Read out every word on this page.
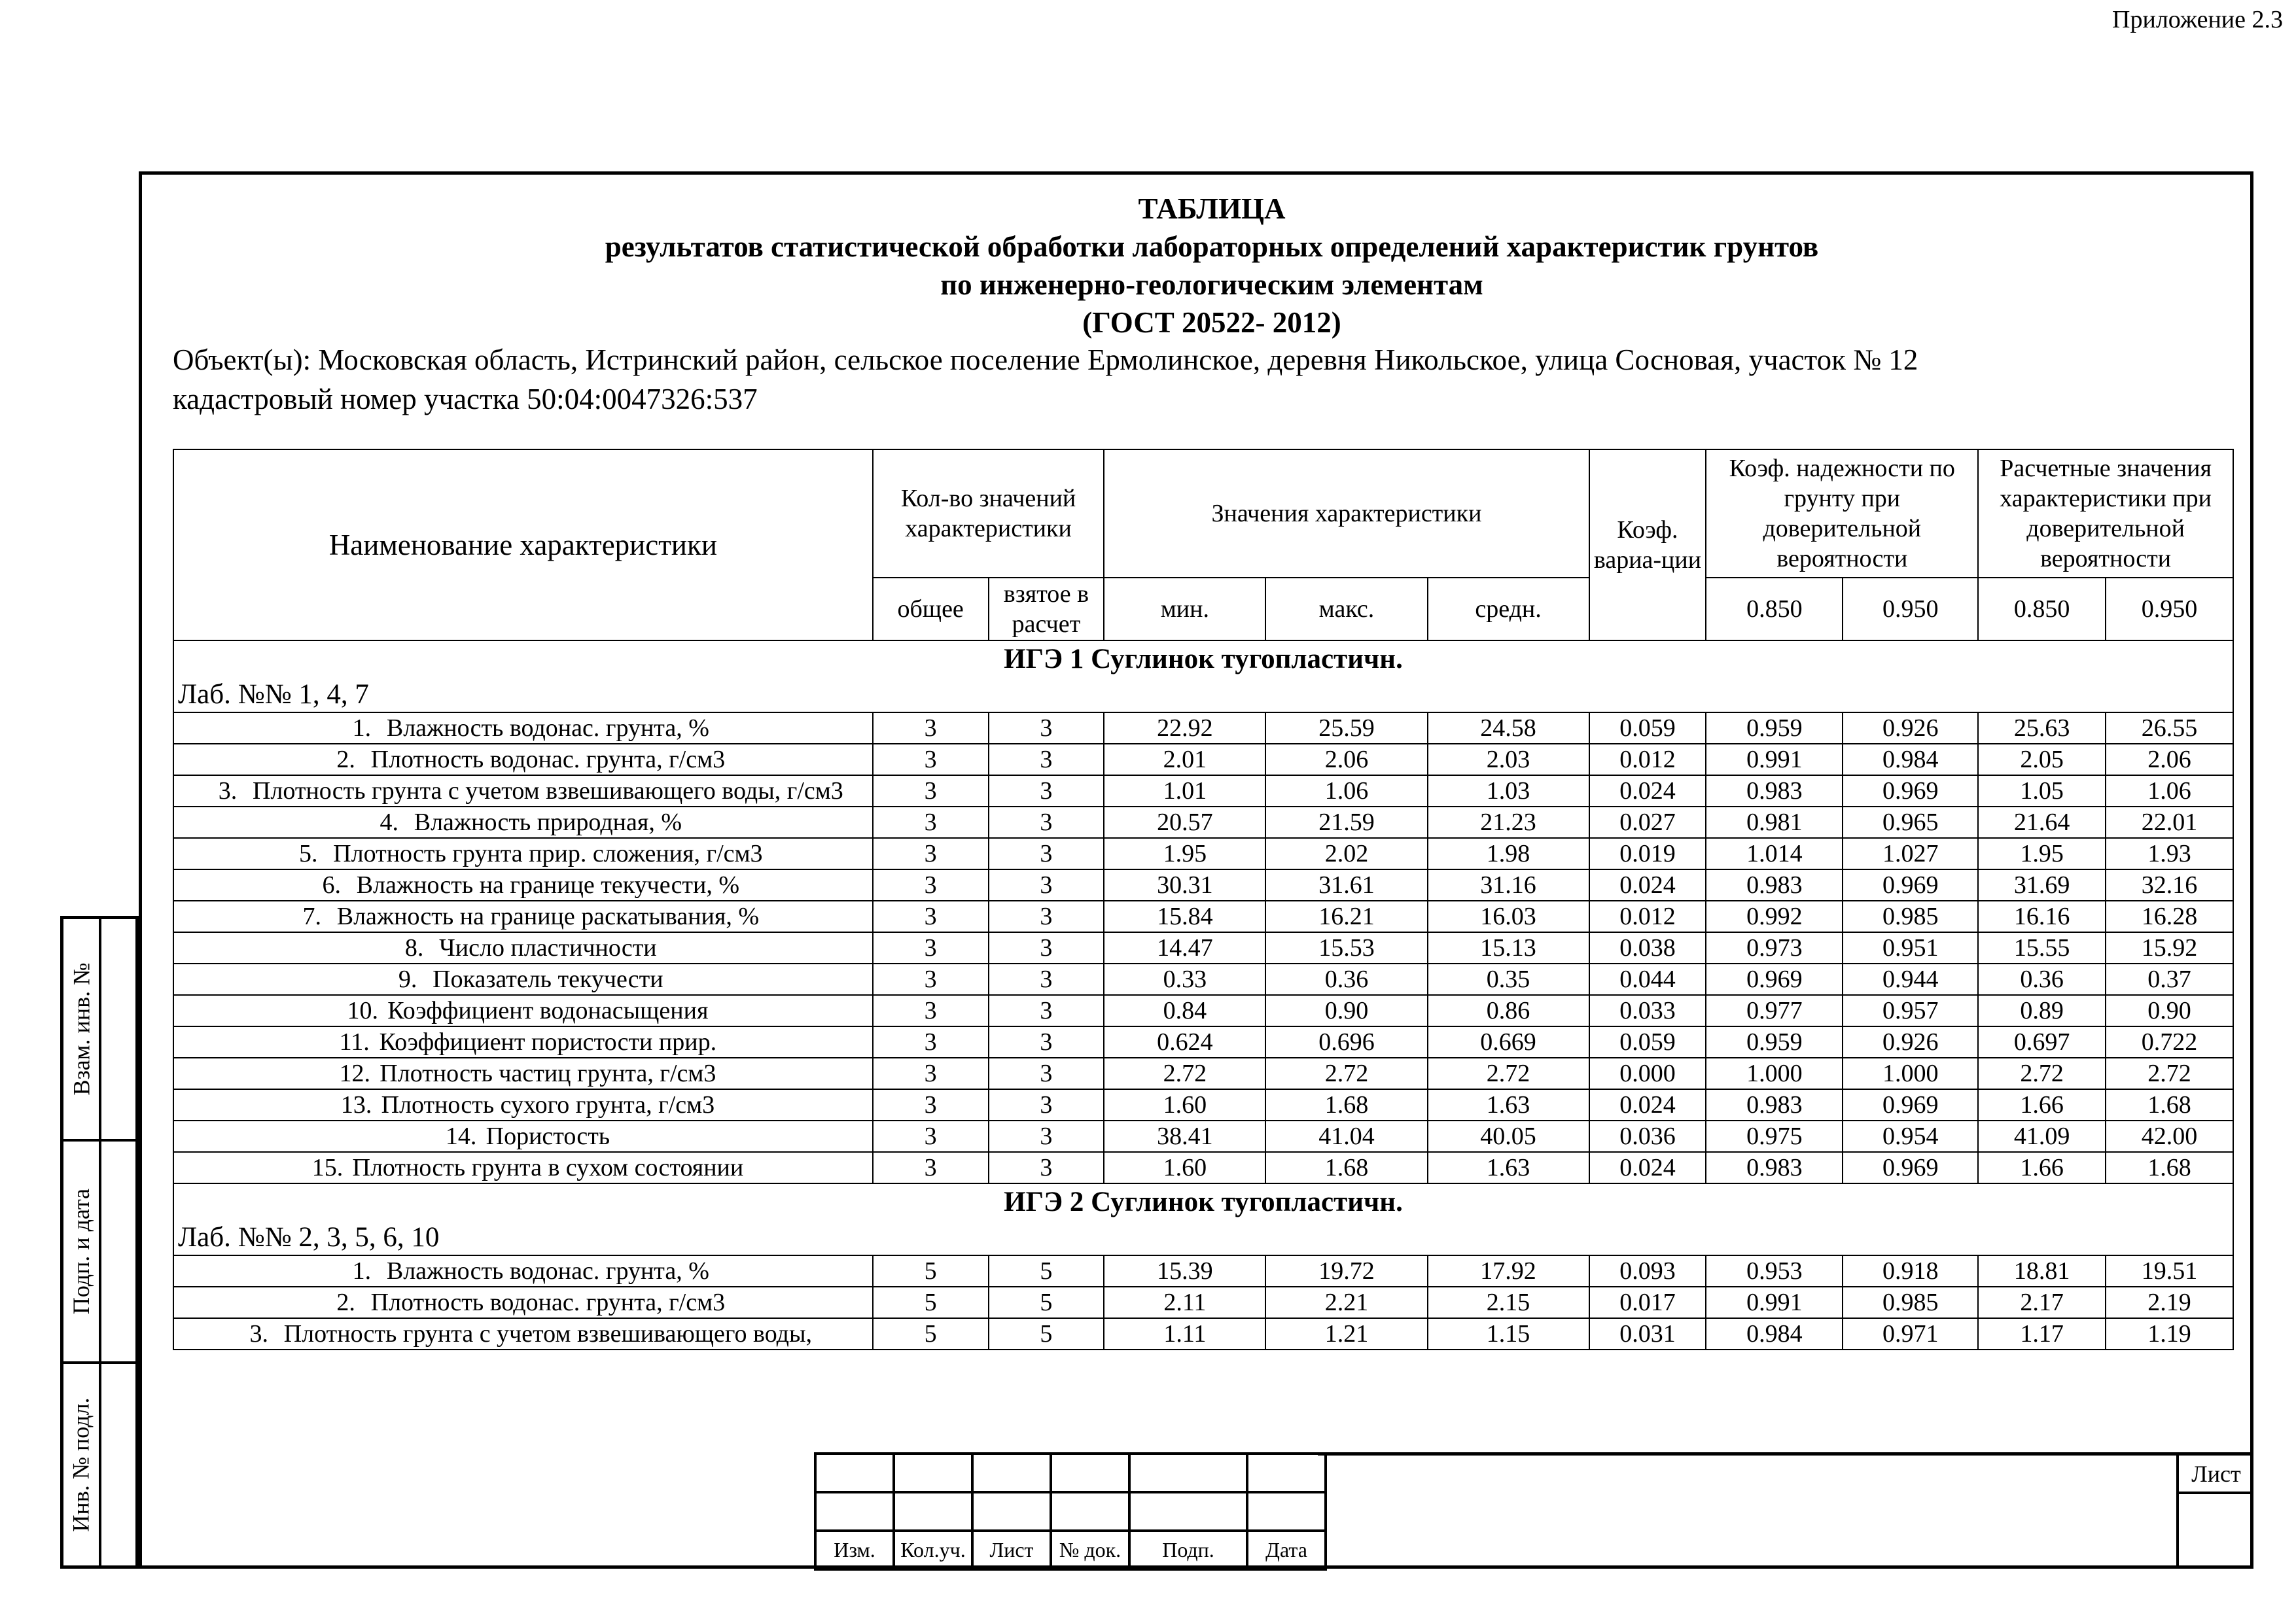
Приложение 2.3
ТАБЛИЦА
результатов статистической обработки лабораторных определений характеристик грунтов
по инженерно-геологическим элементам
(ГОСТ 20522- 2012)
Объект(ы): Московская область, Истринский район, сельское поселение Ермолинское, деревня Никольское, улица Сосновая, участок № 12
кадастровый номер участка 50:04:0047326:537
Наименование характеристики	Кол-во значений характеристики		Значения характеристики			Коэф. вариа-ции	Коэф. надежности по грунту при доверительной вероятности		Расчетные значения характеристики при доверительной вероятности	
	общее	взятое в расчет	мин.	макс.	средн.		0.850	0.950	0.850	0.950

ИГЭ 1 Суглинок тугопластичн.
Лаб. №№ 1, 4, 7										

1. Влажность водонас. грунта, %	3	3	22.92	25.59	24.58	0.059	0.959	0.926	25.63	26.55
2. Плотность водонас. грунта, г/см3	3	3	2.01	2.06	2.03	0.012	0.991	0.984	2.05	2.06
3. Плотность грунта с учетом взвешивающего воды, г/см3	3	3	1.01	1.06	1.03	0.024	0.983	0.969	1.05	1.06
4. Влажность природная, %	3	3	20.57	21.59	21.23	0.027	0.981	0.965	21.64	22.01
5. Плотность грунта прир. сложения, г/см3	3	3	1.95	2.02	1.98	0.019	1.014	1.027	1.95	1.93
6. Влажность на границе текучести, %	3	3	30.31	31.61	31.16	0.024	0.983	0.969	31.69	32.16
7. Влажность на границе раскатывания, %	3	3	15.84	16.21	16.03	0.012	0.992	0.985	16.16	16.28
8. Число пластичности	3	3	14.47	15.53	15.13	0.038	0.973	0.951	15.55	15.92
9. Показатель текучести	3	3	0.33	0.36	0.35	0.044	0.969	0.944	0.36	0.37
10. Коэффициент водонасыщения	3	3	0.84	0.90	0.86	0.033	0.977	0.957	0.89	0.90
11. Коэффициент пористости прир.	3	3	0.624	0.696	0.669	0.059	0.959	0.926	0.697	0.722
12. Плотность частиц грунта, г/см3	3	3	2.72	2.72	2.72	0.000	1.000	1.000	2.72	2.72
13. Плотность сухого грунта, г/см3	3	3	1.60	1.68	1.63	0.024	0.983	0.969	1.66	1.68
14. Пористость	3	3	38.41	41.04	40.05	0.036	0.975	0.954	41.09	42.00
15. Плотность грунта в сухом состоянии	3	3	1.60	1.68	1.63	0.024	0.983	0.969	1.66	1.68

ИГЭ 2 Суглинок тугопластичн.
Лаб. №№ 2, 3, 5, 6, 10										

1. Влажность водонас. грунта, %	5	5	15.39	19.72	17.92	0.093	0.953	0.918	18.81	19.51
2. Плотность водонас. грунта, г/см3	5	5	2.11	2.21	2.15	0.017	0.991	0.985	2.17	2.19
3. Плотность грунта с учетом взвешивающего воды,	5	5	1.11	1.21	1.15	0.031	0.984	0.971	1.17	1.19
Взам. инв. №
Подп. и дата
Инв. № подл.

Изм.	Кол.уч.	Лист	№ док.	Подп.	Дата
Лист
